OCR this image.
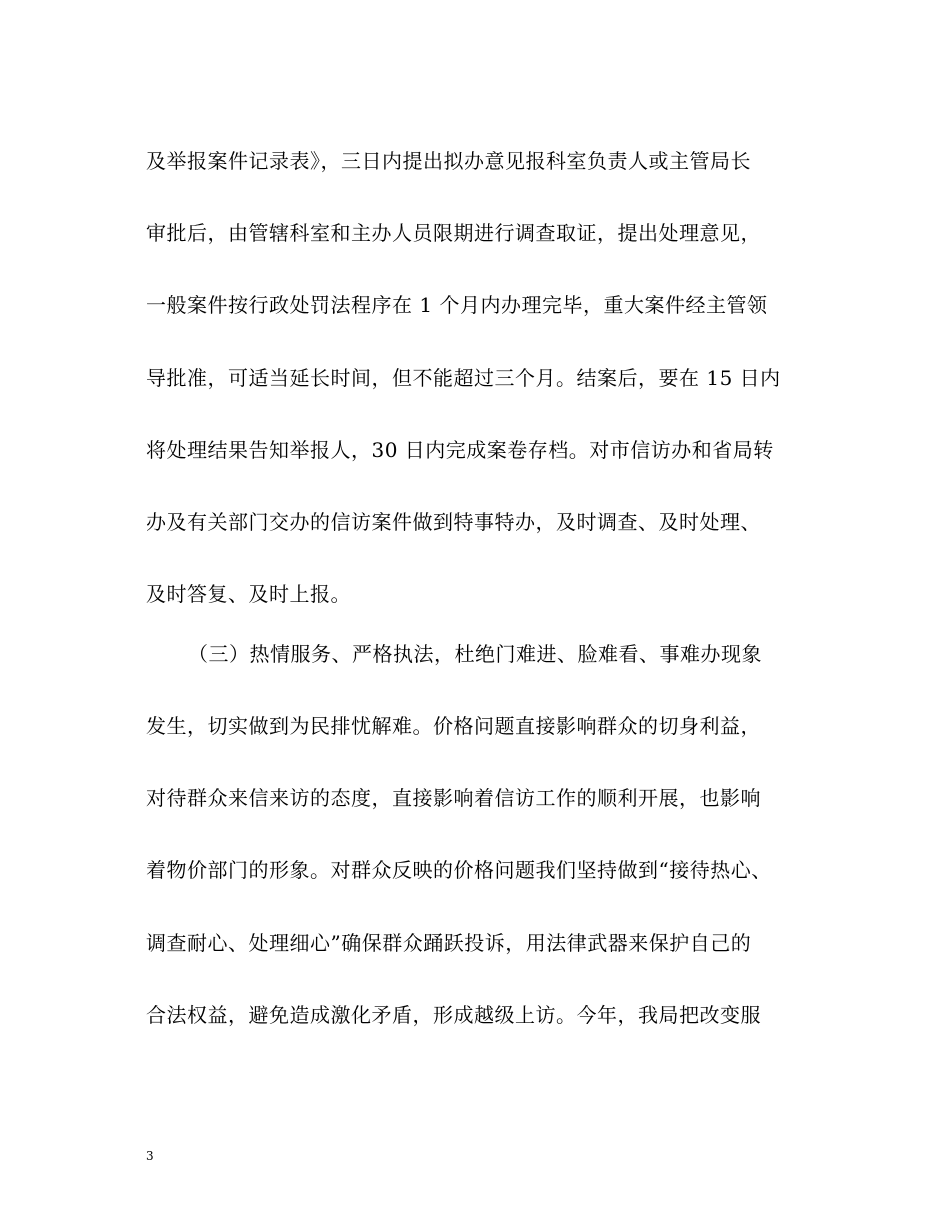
及举报案件记录表》，三日内提出拟办意见报科室负责人或主管局长
审批后，由管辖科室和主办人员限期进行调查取证，提出处理意见，
一般案件按行政处罚法程序在 1 个月内办理完毕，重大案件经主管领
导批准，可适当延长时间，但不能超过三个月。结案后，要在 15 日内
将处理结果告知举报人，30 日内完成案卷存档。对市信访办和省局转
办及有关部门交办的信访案件做到特事特办，及时调查、及时处理、
及时答复、及时上报。
（三）热情服务、严格执法，杜绝门难进、脸难看、事难办现象
发生，切实做到为民排忧解难。价格问题直接影响群众的切身利益，
对待群众来信来访的态度，直接影响着信访工作的顺利开展，也影响
着物价部门的形象。对群众反映的价格问题我们坚持做到“接待热心、
调查耐心、处理细心”确保群众踊跃投诉，用法律武器来保护自己的
合法权益，避免造成激化矛盾，形成越级上访。今年，我局把改变服
3
